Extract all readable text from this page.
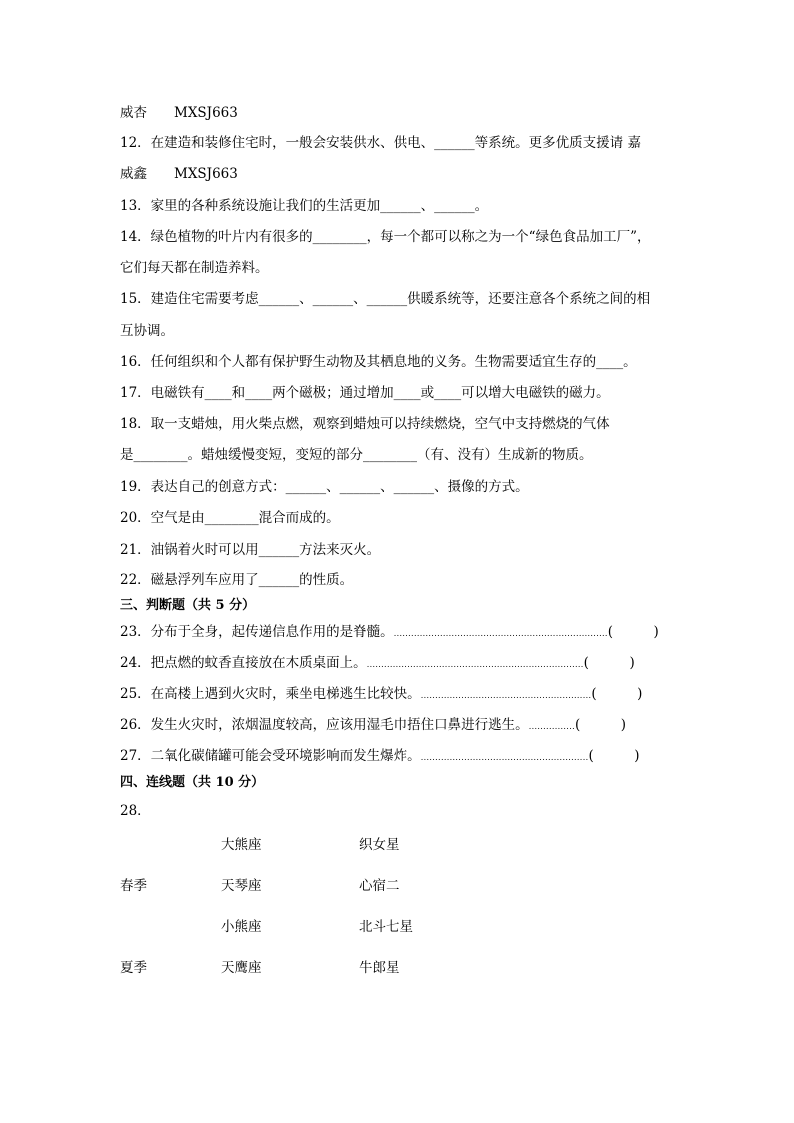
威杏　　MXSJ663
12．在建造和装修住宅时，一般会安装供水、供电、______等系统。更多优质支援请 嘉
威鑫　　MXSJ663
13．家里的各种系统设施让我们的生活更加______、______。
14．绿色植物的叶片内有很多的________，每一个都可以称之为一个“绿色食品加工厂”，
它们每天都在制造养料。
15．建造住宅需要考虑______、______、______供暖系统等，还要注意各个系统之间的相
互协调。
16．任何组织和个人都有保护野生动物及其栖息地的义务。生物需要适宜生存的____。
17．电磁铁有____和____两个磁极；通过增加____或____可以增大电磁铁的磁力。
18．取一支蜡烛，用火柴点燃，观察到蜡烛可以持续燃烧，空气中支持燃烧的气体
是________。蜡烛缓慢变短，变短的部分________（有、没有）生成新的物质。
19．表达自己的创意方式：______、______、______、摄像的方式。
20．空气是由________混合而成的。
21．油锅着火时可以用______方法来灭火。
22．磁悬浮列车应用了______的性质。
三、判断题（共 5 分）
23．分布于全身，起传递信息作用的是脊髓。..........................................................................(　　　)
24．把点燃的蚊香直接放在木质桌面上。...........................................................................(　　　)
25．在高楼上遇到火灾时，乘坐电梯逃生比较快。...........................................................(　　　)
26．发生火灾时，浓烟温度较高，应该用湿毛巾捂住口鼻进行逃生。................(　　　)
27．二氧化碳储罐可能会受环境影响而发生爆炸。..........................................................(　　　)
四、连线题（共 10 分）
28．
春季
夏季
大熊座
天琴座
小熊座
天鹰座
织女星
心宿二
北斗七星
牛郎星
